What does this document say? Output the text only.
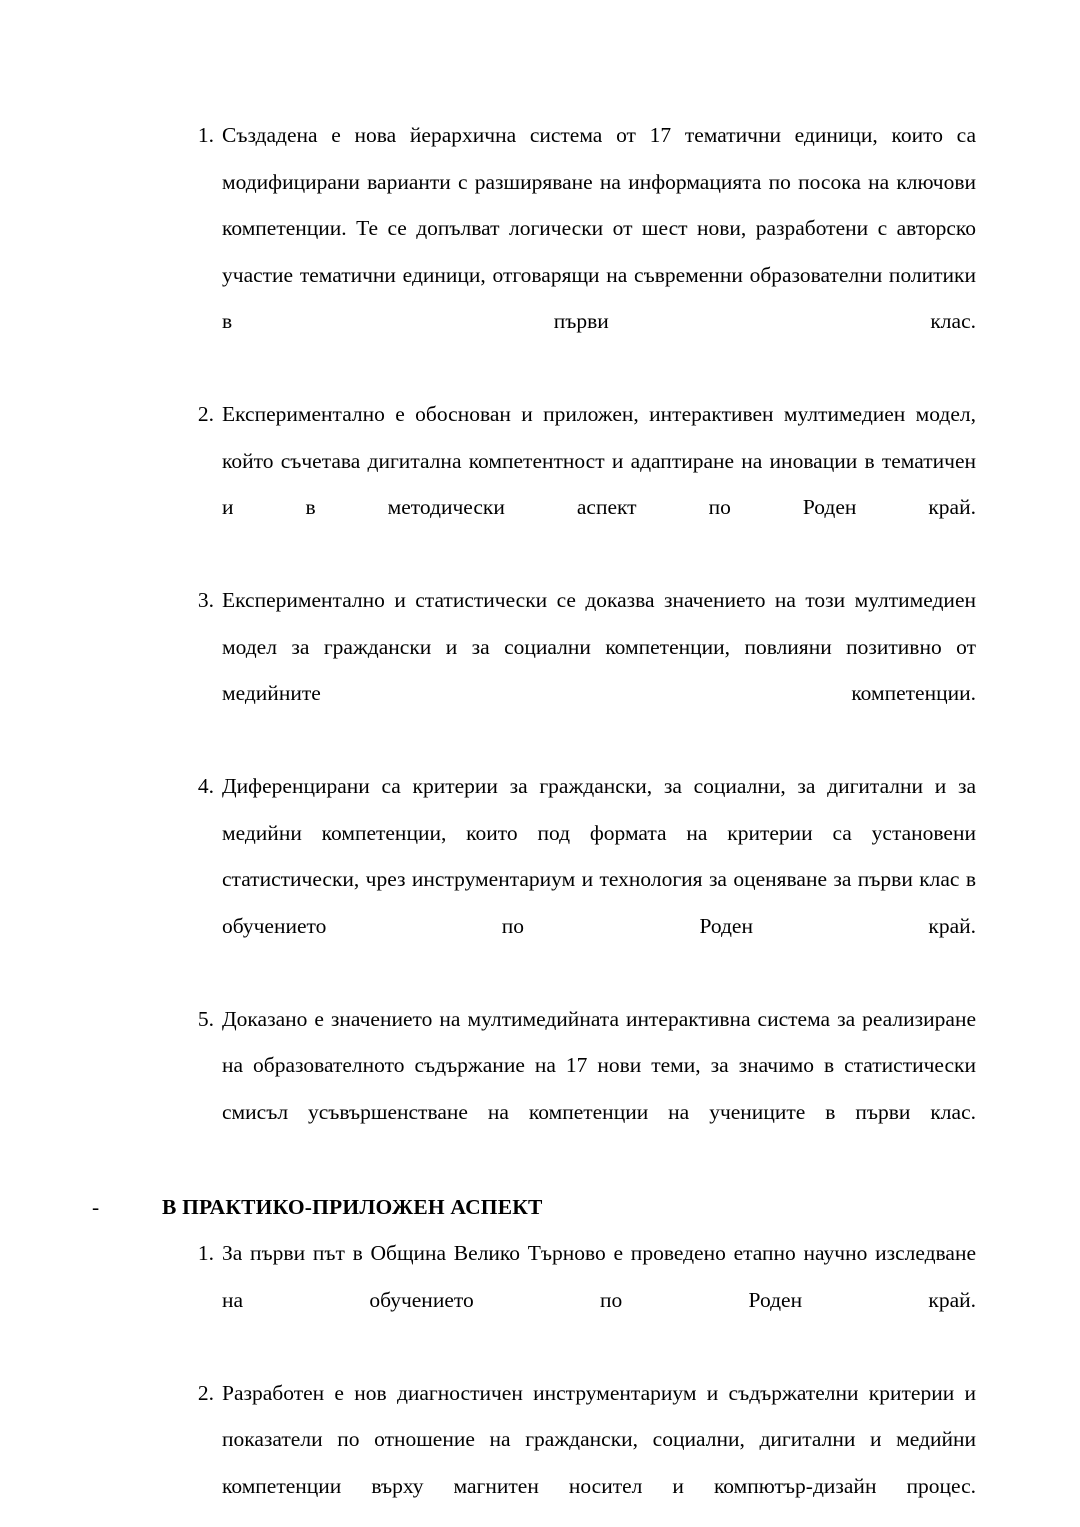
1. Създадена е нова йерархична система от 17 тематични единици, които са модифицирани варианти с разширяване на информацията по посока на ключови компетенции. Те се допълват логически от шест нови, разработени с авторско участие тематични единици, отговарящи на съвременни образователни политики в първи клас.
2. Експериментално е обоснован и приложен, интерактивен мултимедиен модел, който съчетава дигитална компетентност и адаптиране на иновации в тематичен и в методически аспект по Роден край.
3. Експериментално и статистически се доказва значението на този мултимедиен модел за граждански и за социални компетенции, повлияни позитивно от медийните компетенции.
4. Диференцирани са критерии за граждански, за социални, за дигитални и за медийни компетенции, които под формата на критерии са установени статистически, чрез инструментариум и технология за оценяване за първи клас в обучението по Роден край.
5. Доказано е значението на мултимедийната интерактивна система за реализиране на образователното съдържание на 17 нови теми, за значимо в статистически смисъл усъвършенстване на компетенции на учениците в първи клас.
-	В ПРАКТИКО-ПРИЛОЖЕН АСПЕКТ
1. За първи път в Община Велико Търново е проведено етапно научно изследване на обучението по Роден край.
2. Разработен е нов диагностичен инструментариум и съдържателни критерии и показатели по отношение на граждански, социални, дигитални и медийни компетенции върху магнитен носител и компютър-дизайн процес.
